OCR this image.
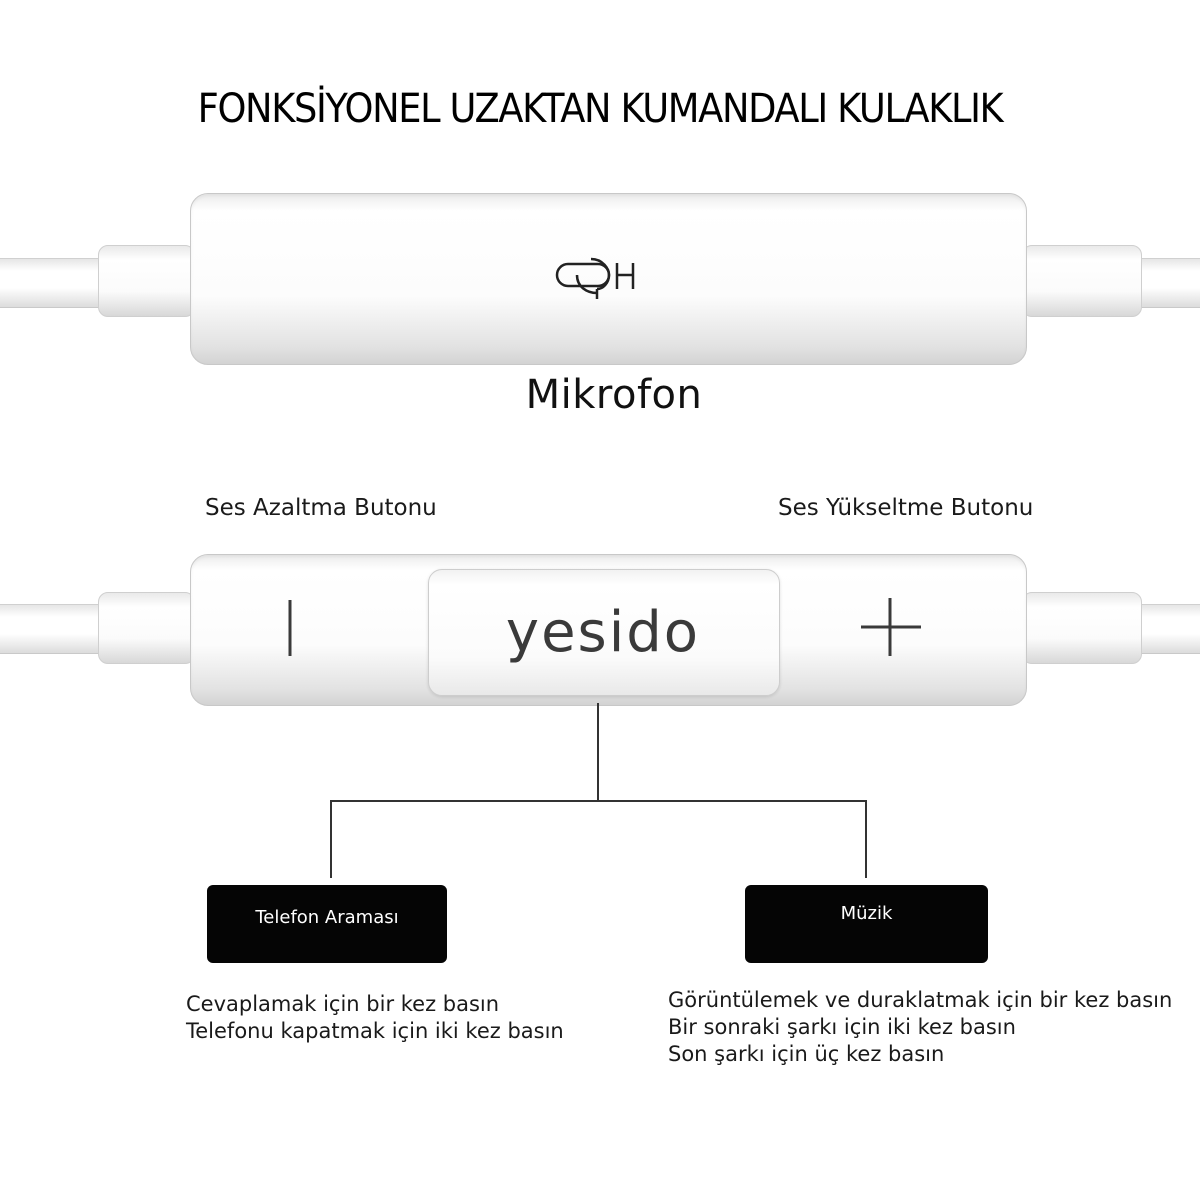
FONKSİYONEL UZAKTAN KUMANDALI KULAKLIK
Mikrofon
Ses Azaltma Butonu	Ses Yükseltme Butonu
yesido
Telefon Araması	Müzik
Cevaplamak için bir kez basın
Telefonu kapatmak için iki kez basın
Görüntülemek ve duraklatmak için bir kez basın
Bir sonraki şarkı için iki kez basın
Son şarkı için üç kez basın
